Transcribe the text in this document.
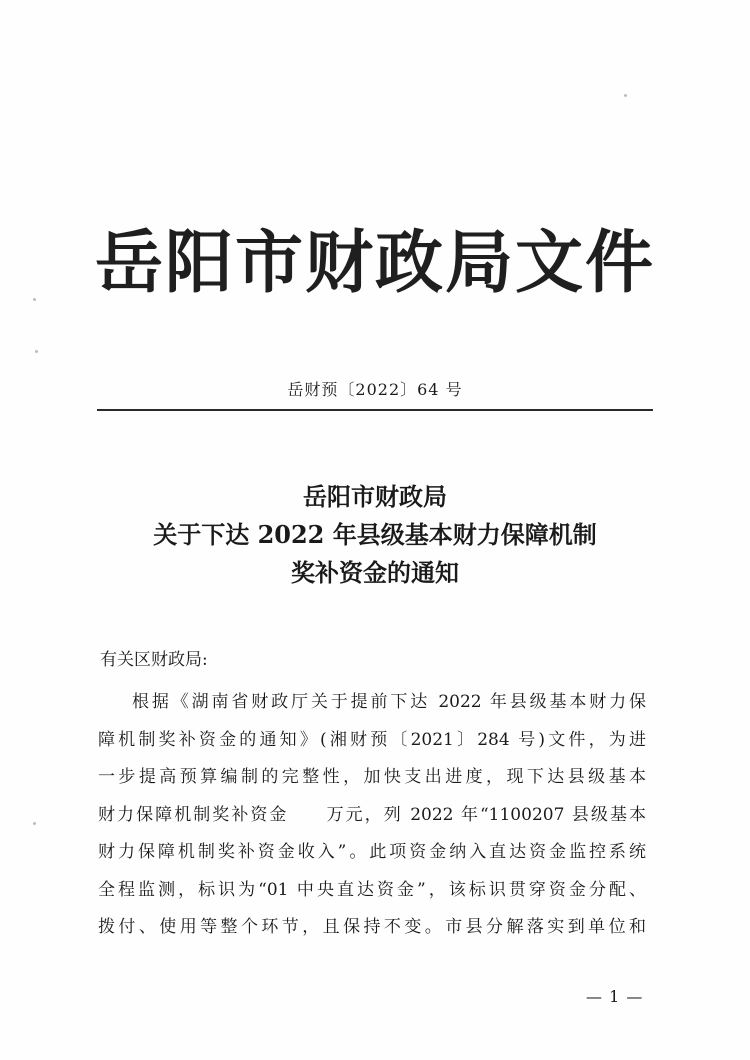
岳阳市财政局文件
岳财预〔2022〕64 号
岳阳市财政局
关于下达 2022 年县级基本财力保障机制
奖补资金的通知
有关区财政局:
根据《湖南省财政厅关于提前下达 2022 年县级基本财力保
障机制奖补资金的通知》(湘财预〔2021〕284 号)文件，为进
一步提高预算编制的完整性，加快支出进度，现下达县级基本
财力保障机制奖补资金　　万元，列 2022 年“1100207 县级基本
财力保障机制奖补资金收入”。此项资金纳入直达资金监控系统
全程监测，标识为“01 中央直达资金”，该标识贯穿资金分配、
拨付、使用等整个环节，且保持不变。市县分解落实到单位和
— 1 —
